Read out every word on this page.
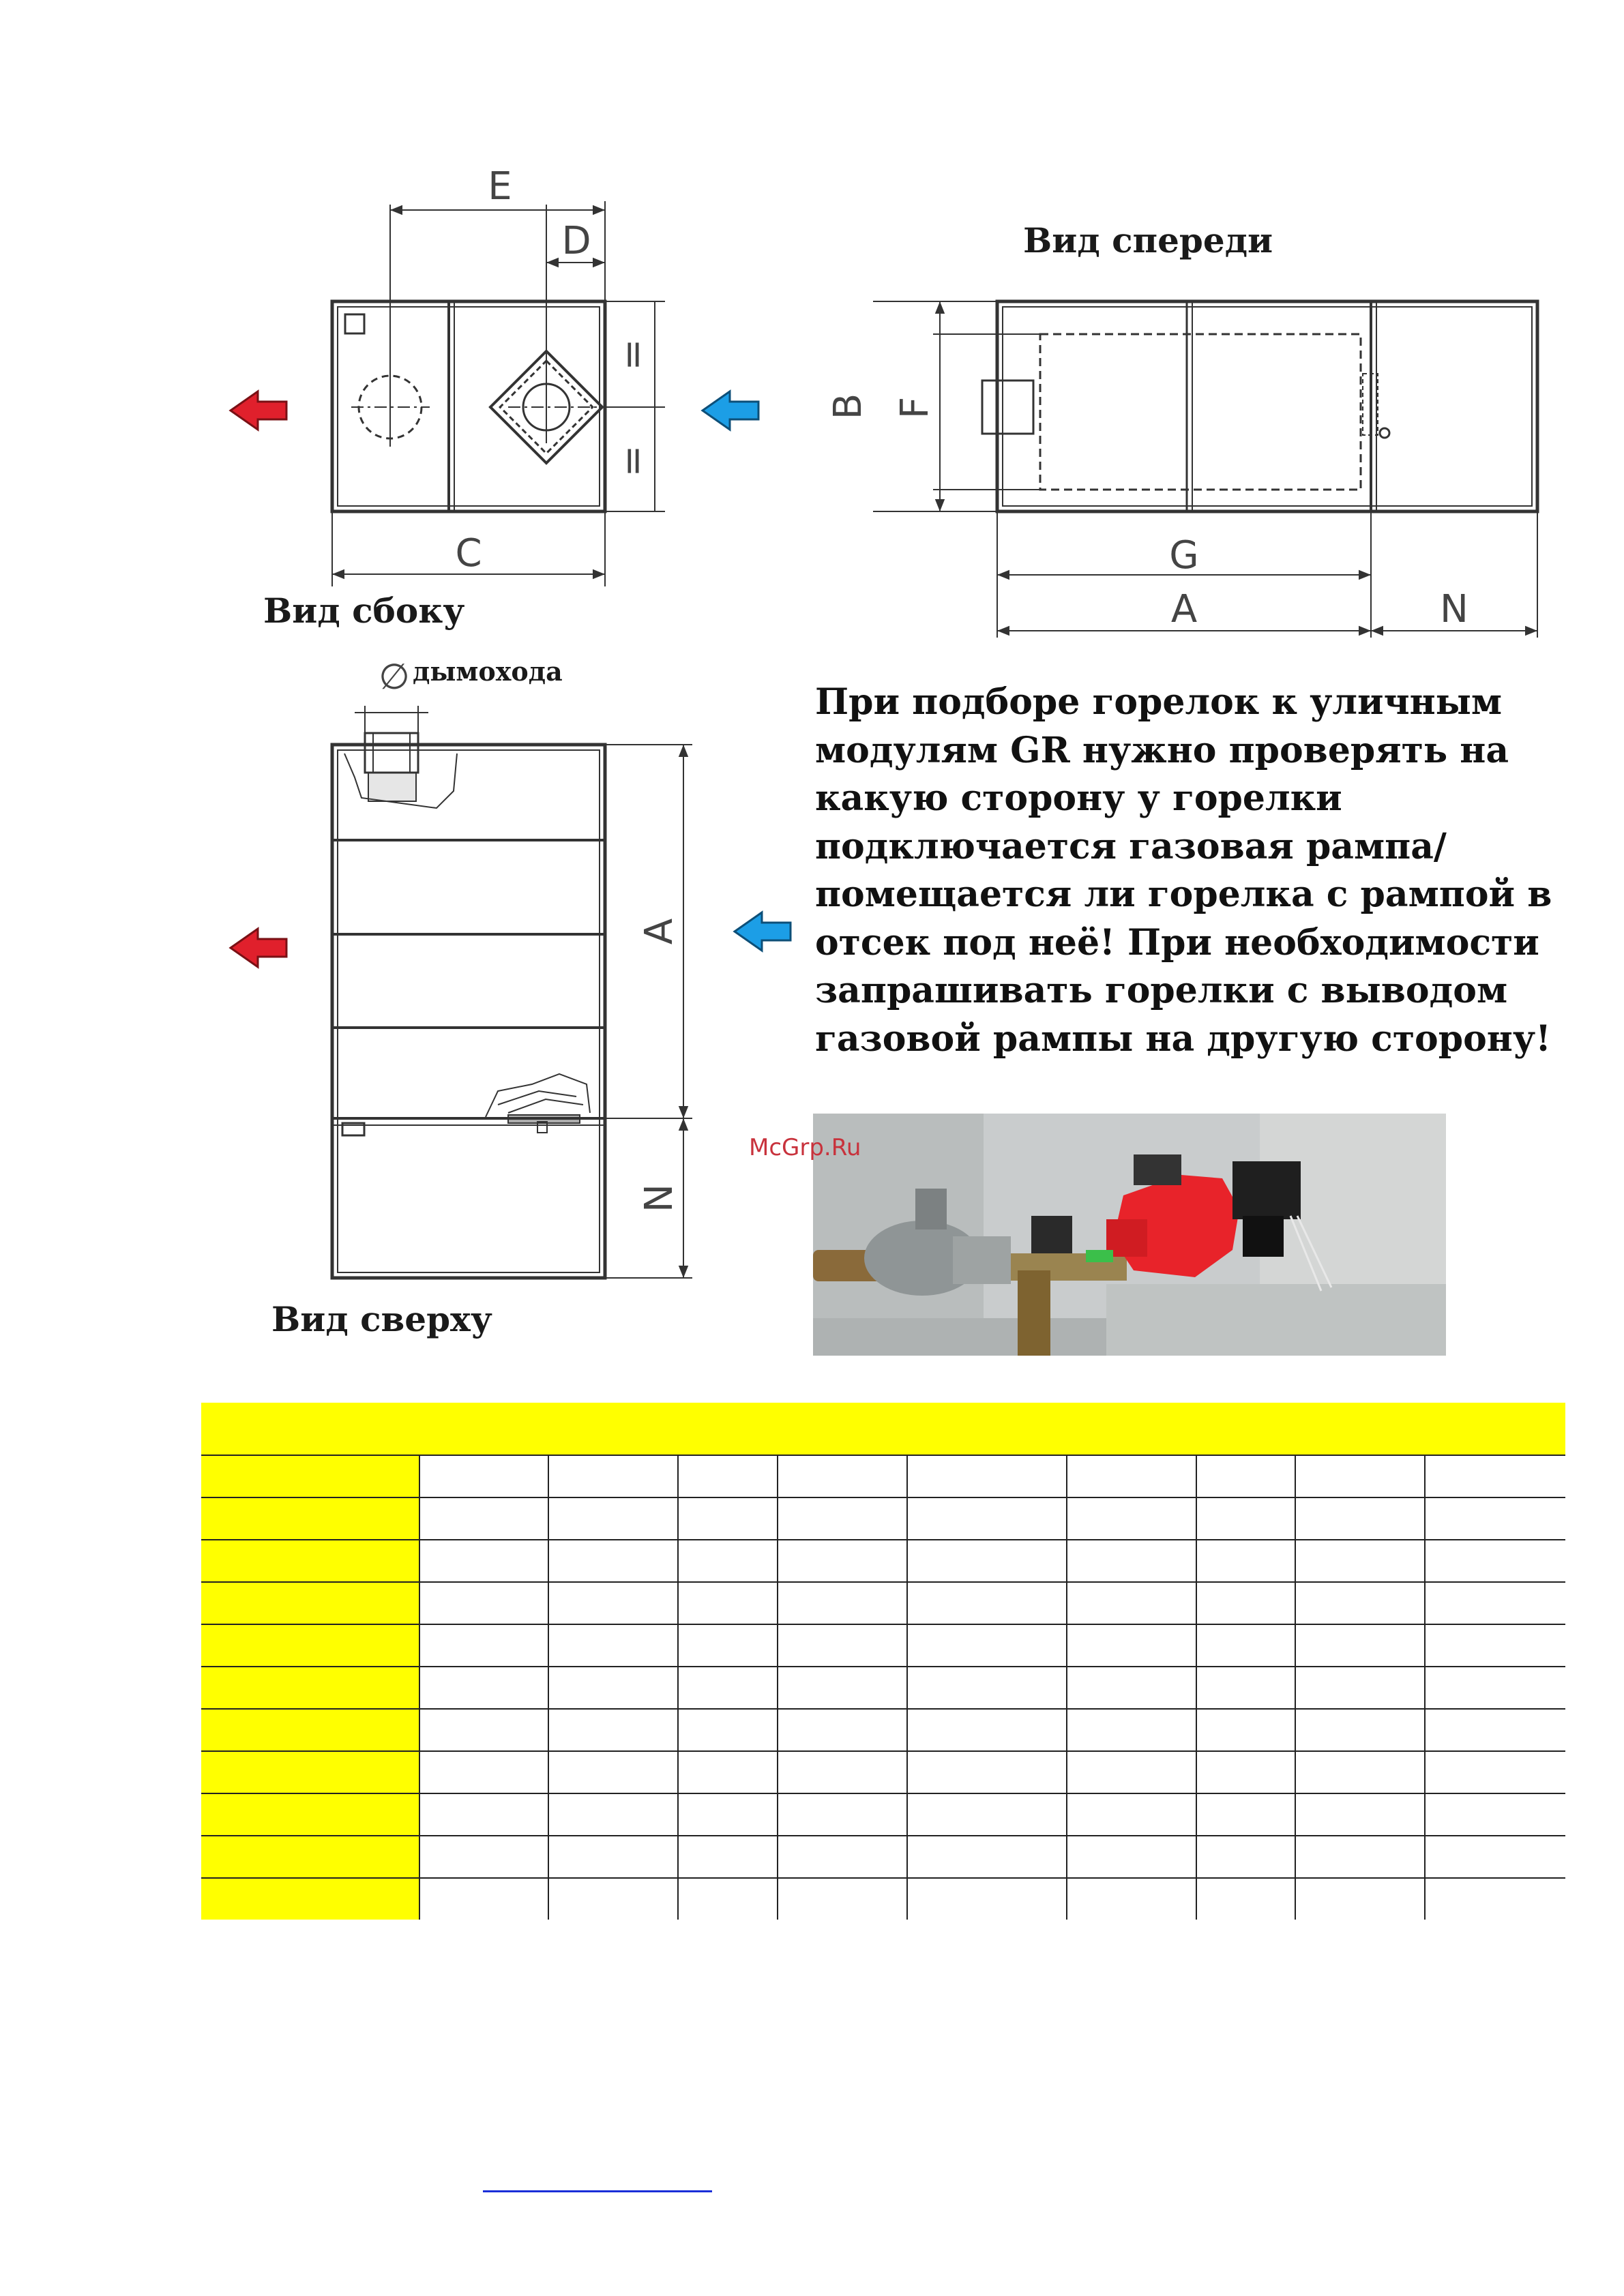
E
D
=
=
C
B F
G
A	N
∅ дымохода
A
N
Вид сбоку
Вид спереди
Вид сверху
При подборе горелок к уличным модулям GR нужно проверять на какую сторону у горелки подключается газовая рампа/помещается ли горелка с рампой в отсек под неё! При необходимости запрашивать горелки с выводом газовой рампы на другую сторону!
McGrp.Ru
